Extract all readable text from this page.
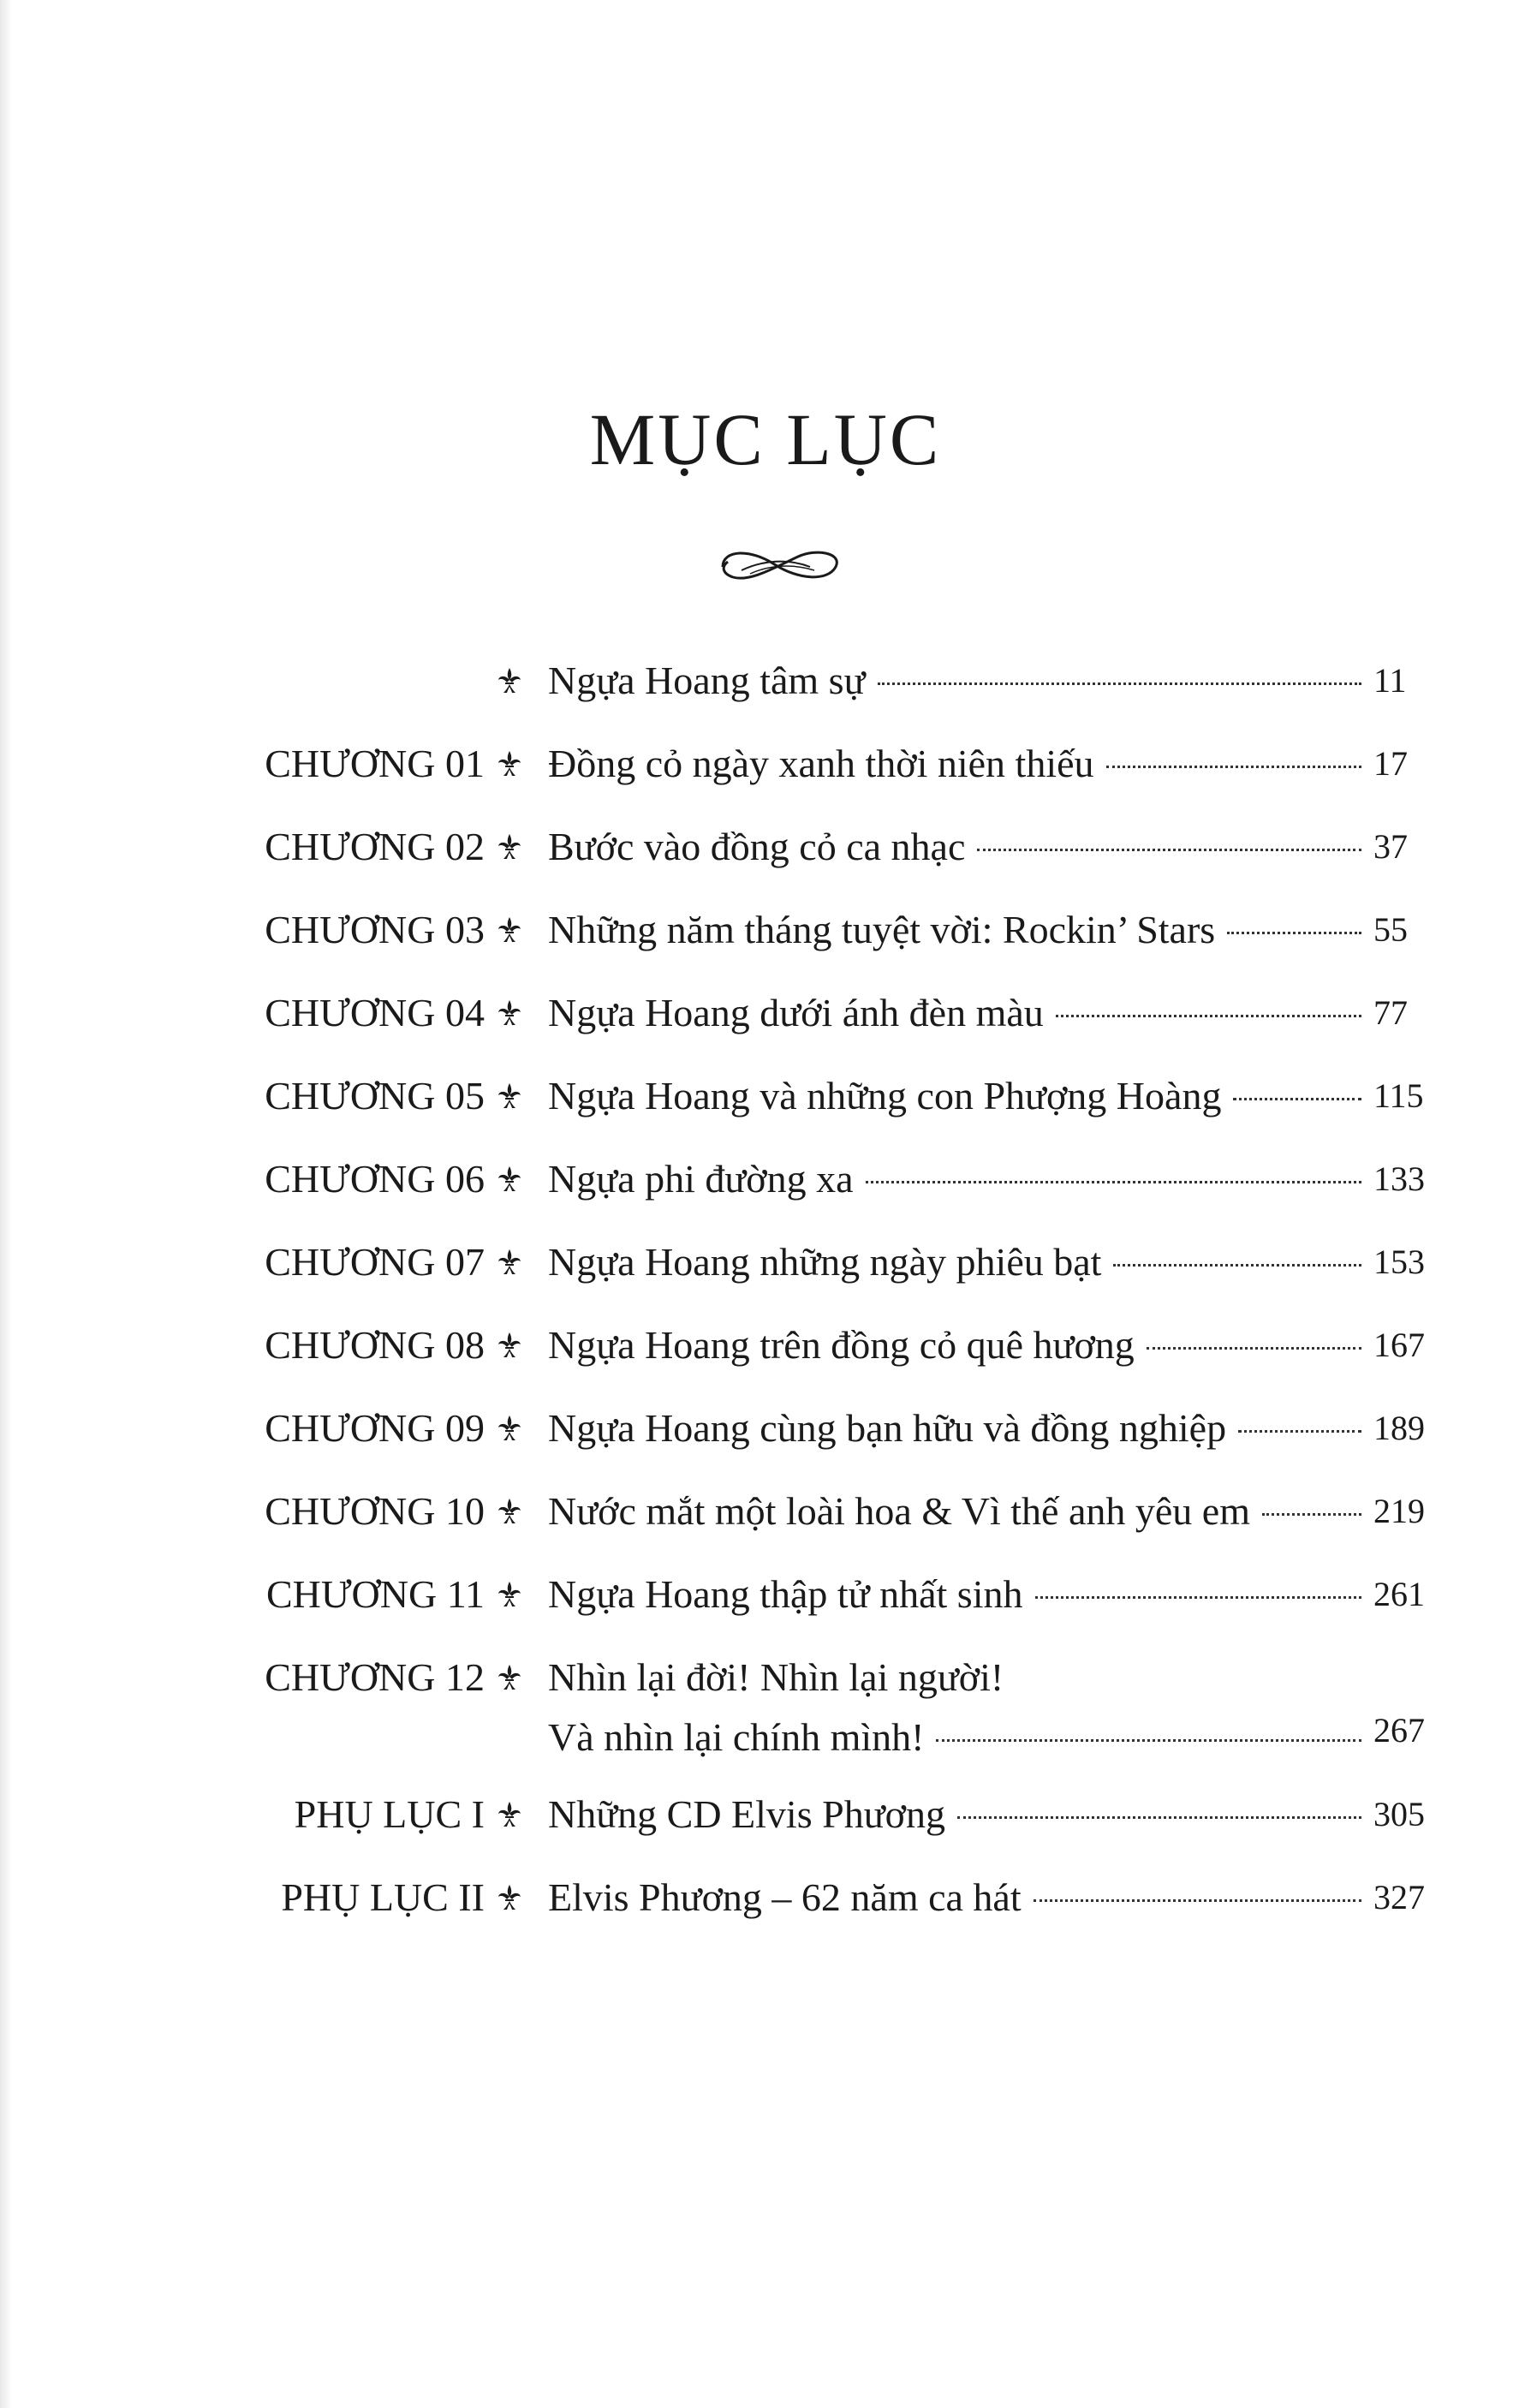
MỤC LỤC
Ngựa Hoang tâm sự	11
CHƯƠNG 01 Đồng cỏ ngày xanh thời niên thiếu	17
CHƯƠNG 02 Bước vào đồng cỏ ca nhạc	37
CHƯƠNG 03 Những năm tháng tuyệt vời: Rockin’ Stars	55
CHƯƠNG 04 Ngựa Hoang dưới ánh đèn màu	77
CHƯƠNG 05 Ngựa Hoang và những con Phượng Hoàng	115
CHƯƠNG 06 Ngựa phi đường xa	133
CHƯƠNG 07 Ngựa Hoang những ngày phiêu bạt	153
CHƯƠNG 08 Ngựa Hoang trên đồng cỏ quê hương	167
CHƯƠNG 09 Ngựa Hoang cùng bạn hữu và đồng nghiệp	189
CHƯƠNG 10 Nước mắt một loài hoa & Vì thế anh yêu em	219
CHƯƠNG 11 Ngựa Hoang thập tử nhất sinh	261
CHƯƠNG 12 Nhìn lại đời! Nhìn lại người!
Và nhìn lại chính mình!	267
PHỤ LỤC I Những CD Elvis Phương	305
PHỤ LỤC II Elvis Phương – 62 năm ca hát	327
